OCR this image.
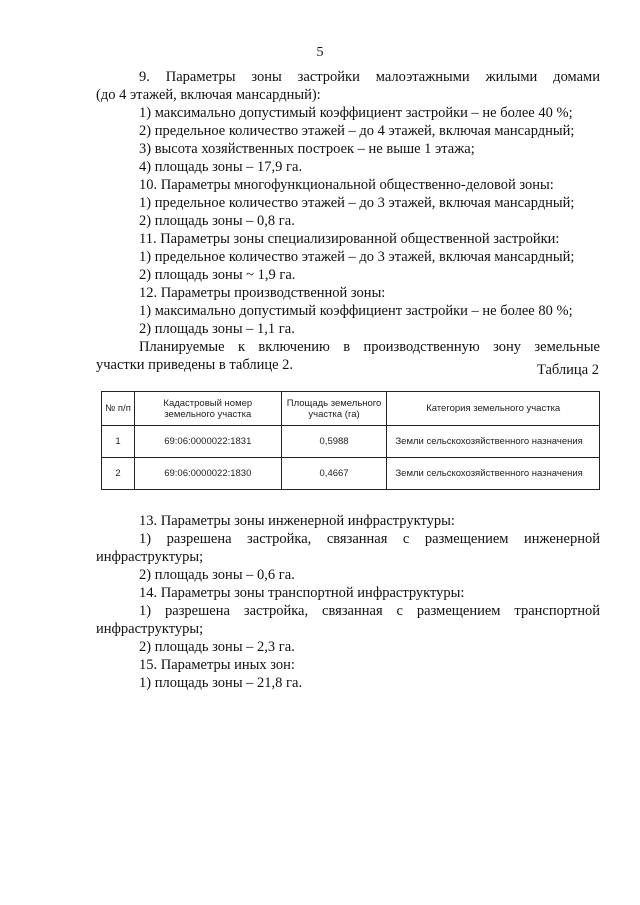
5
9. Параметры зоны застройки малоэтажными жилыми домами
(до 4 этажей, включая мансардный):
1) максимально допустимый коэффициент застройки – не более 40 %;
2) предельное количество этажей – до 4 этажей, включая мансардный;
3) высота хозяйственных построек – не выше 1 этажа;
4) площадь зоны – 17,9 га.
10. Параметры многофункциональной общественно-деловой зоны:
1) предельное количество этажей – до 3 этажей, включая мансардный;
2) площадь зоны – 0,8 га.
11. Параметры зоны специализированной общественной застройки:
1) предельное количество этажей – до 3 этажей, включая мансардный;
2) площадь зоны ~ 1,9 га.
12. Параметры производственной зоны:
1) максимально допустимый коэффициент застройки – не более 80 %;
2) площадь зоны – 1,1 га.
Планируемые к включению в производственную зону земельные
участки приведены в таблице 2.	Таблица 2
№ п/п	Кадастровый номер земельного участка	Площадь земельного участка (га)	Категория земельного участка
1	69:06:0000022:1831	0,5988	Земли сельскохозяйственного назначения
2	69:06:0000022:1830	0,4667	Земли сельскохозяйственного назначения
13. Параметры зоны инженерной инфраструктуры:
1) разрешена застройка, связанная с размещением инженерной
инфраструктуры;
2) площадь зоны – 0,6 га.
14. Параметры зоны транспортной инфраструктуры:
1) разрешена застройка, связанная с размещением транспортной
инфраструктуры;
2) площадь зоны – 2,3 га.
15. Параметры иных зон:
1) площадь зоны – 21,8 га.
